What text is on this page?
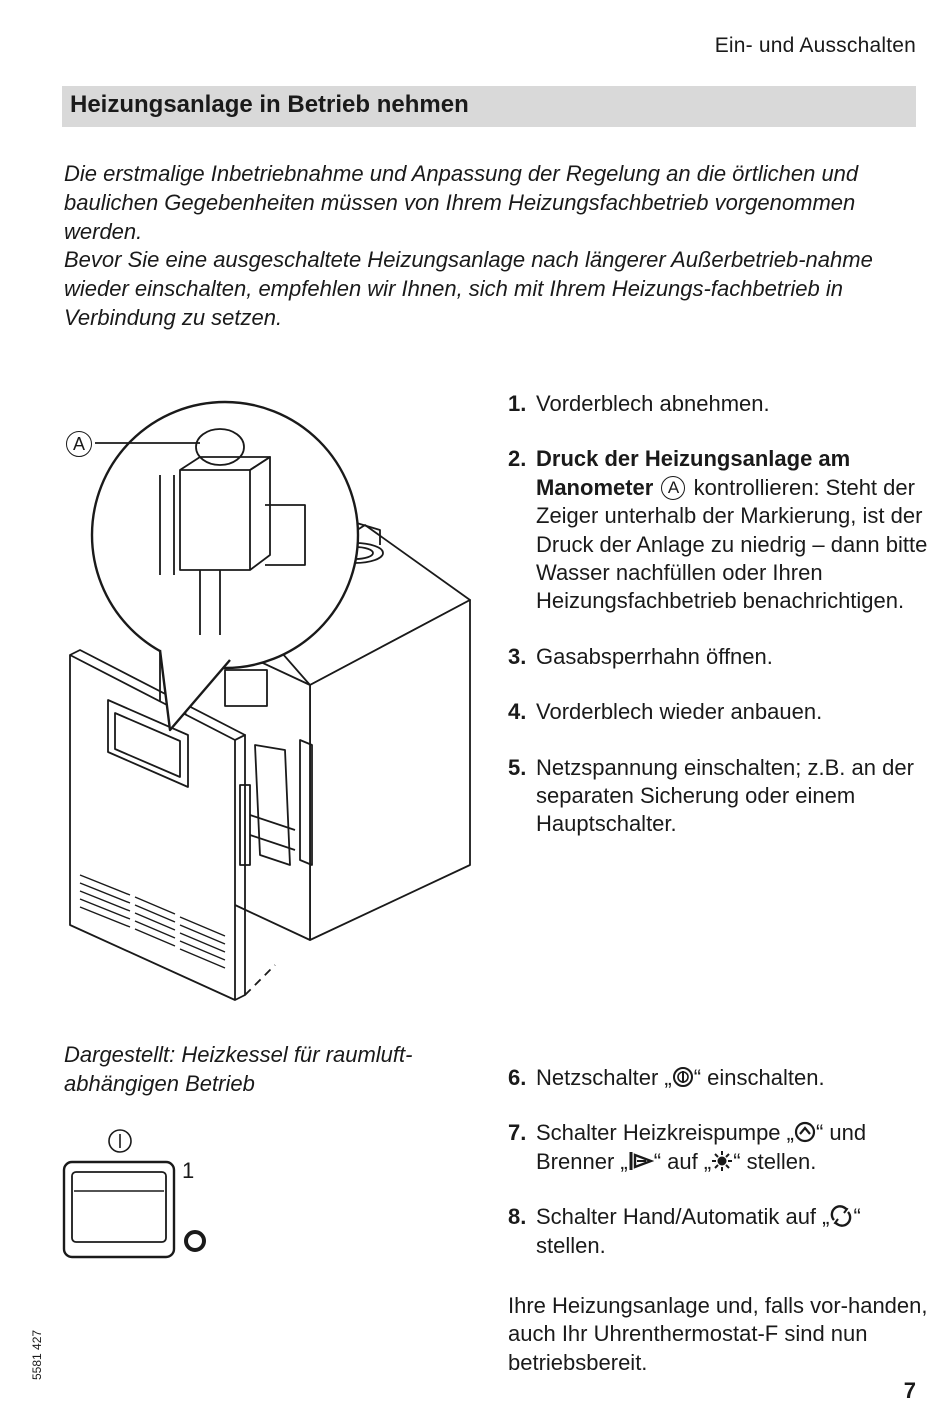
Ein- und Ausschalten
Heizungsanlage in Betrieb nehmen

Die erstmalige Inbetriebnahme und Anpassung der Regelung an die örtlichen und baulichen Gegebenheiten müssen von Ihrem Heizungsfachbetrieb vorgenommen werden.

Bevor Sie eine ausgeschaltete Heizungsanlage nach längerer Außerbetrieb-nahme wieder einschalten, empfehlen wir Ihnen, sich mit Ihrem Heizungs-fachbetrieb in Verbindung zu setzen.

A
1. Vorderblech abnehmen.
2. Druck der Heizungsanlage am Manometer A kontrollieren: Steht der Zeiger unterhalb der Markierung, ist der Druck der Anlage zu niedrig – dann bitte Wasser nachfüllen oder Ihren Heizungsfachbetrieb benachrichtigen.
3. Gasabsperrhahn öffnen.
4. Vorderblech wieder anbauen.
5. Netzspannung einschalten; z.B. an der separaten Sicherung oder einem Hauptschalter.
Dargestellt: Heizkessel für raumluft-abhängigen Betrieb
1
6. Netzschalter „ “ einschalten.
7. Schalter Heizkreispumpe „ “ und Brenner „ “ auf „ “ stellen.
8. Schalter Hand/Automatik auf „ “ stellen.
Ihre Heizungsanlage und, falls vor-handen, auch Ihr Uhrenthermostat-F sind nun betriebsbereit.
5581 427
7
